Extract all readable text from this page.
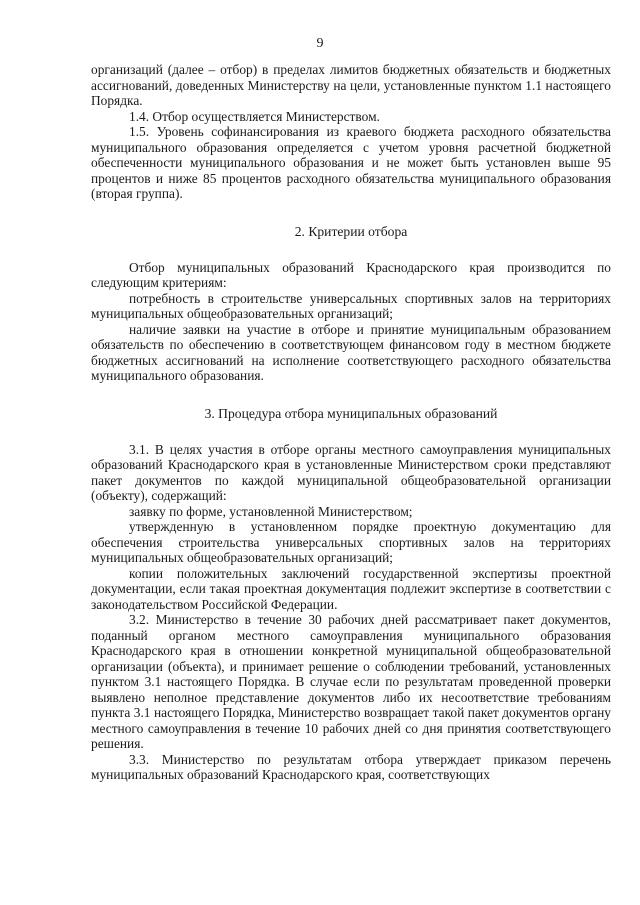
9

организаций (далее – отбор) в пределах лимитов бюджетных обязательств и бюджетных ассигнований, доведенных Министерству на цели, установленные пунктом 1.1 настоящего Порядка.

1.4. Отбор осуществляется Министерством.

1.5. Уровень софинансирования из краевого бюджета расходного обязательства муниципального образования определяется с учетом уровня расчетной бюджетной обеспеченности муниципального образования и не может быть установлен выше 95 процентов и ниже 85 процентов расходного обязательства муниципального образования (вторая группа).

2. Критерии отбора

Отбор муниципальных образований Краснодарского края производится по следующим критериям:

потребность в строительстве универсальных спортивных залов на территориях муниципальных общеобразовательных организаций;

наличие заявки на участие в отборе и принятие муниципальным образованием обязательств по обеспечению в соответствующем финансовом году в местном бюджете бюджетных ассигнований на исполнение соответствующего расходного обязательства муниципального образования.

3. Процедура отбора муниципальных образований

3.1. В целях участия в отборе органы местного самоуправления муниципальных образований Краснодарского края в установленные Министерством сроки представляют пакет документов по каждой муниципальной общеобразовательной организации (объекту), содержащий:

заявку по форме, установленной Министерством;

утвержденную в установленном порядке проектную документацию для обеспечения строительства универсальных спортивных залов на территориях муниципальных общеобразовательных организаций;

копии положительных заключений государственной экспертизы проектной документации, если такая проектная документация подлежит экспертизе в соответствии с законодательством Российской Федерации.

3.2. Министерство в течение 30 рабочих дней рассматривает пакет документов, поданный органом местного самоуправления муниципального образования Краснодарского края в отношении конкретной муниципальной общеобразовательной организации (объекта), и принимает решение о соблюдении требований, установленных пунктом 3.1 настоящего Порядка. В случае если по результатам проведенной проверки выявлено неполное представление документов либо их несоответствие требованиям пункта 3.1 настоящего Порядка, Министерство возвращает такой пакет документов органу местного самоуправления в течение 10 рабочих дней со дня принятия соответствующего решения.

3.3. Министерство по результатам отбора утверждает приказом перечень муниципальных образований Краснодарского края, соответствующих
